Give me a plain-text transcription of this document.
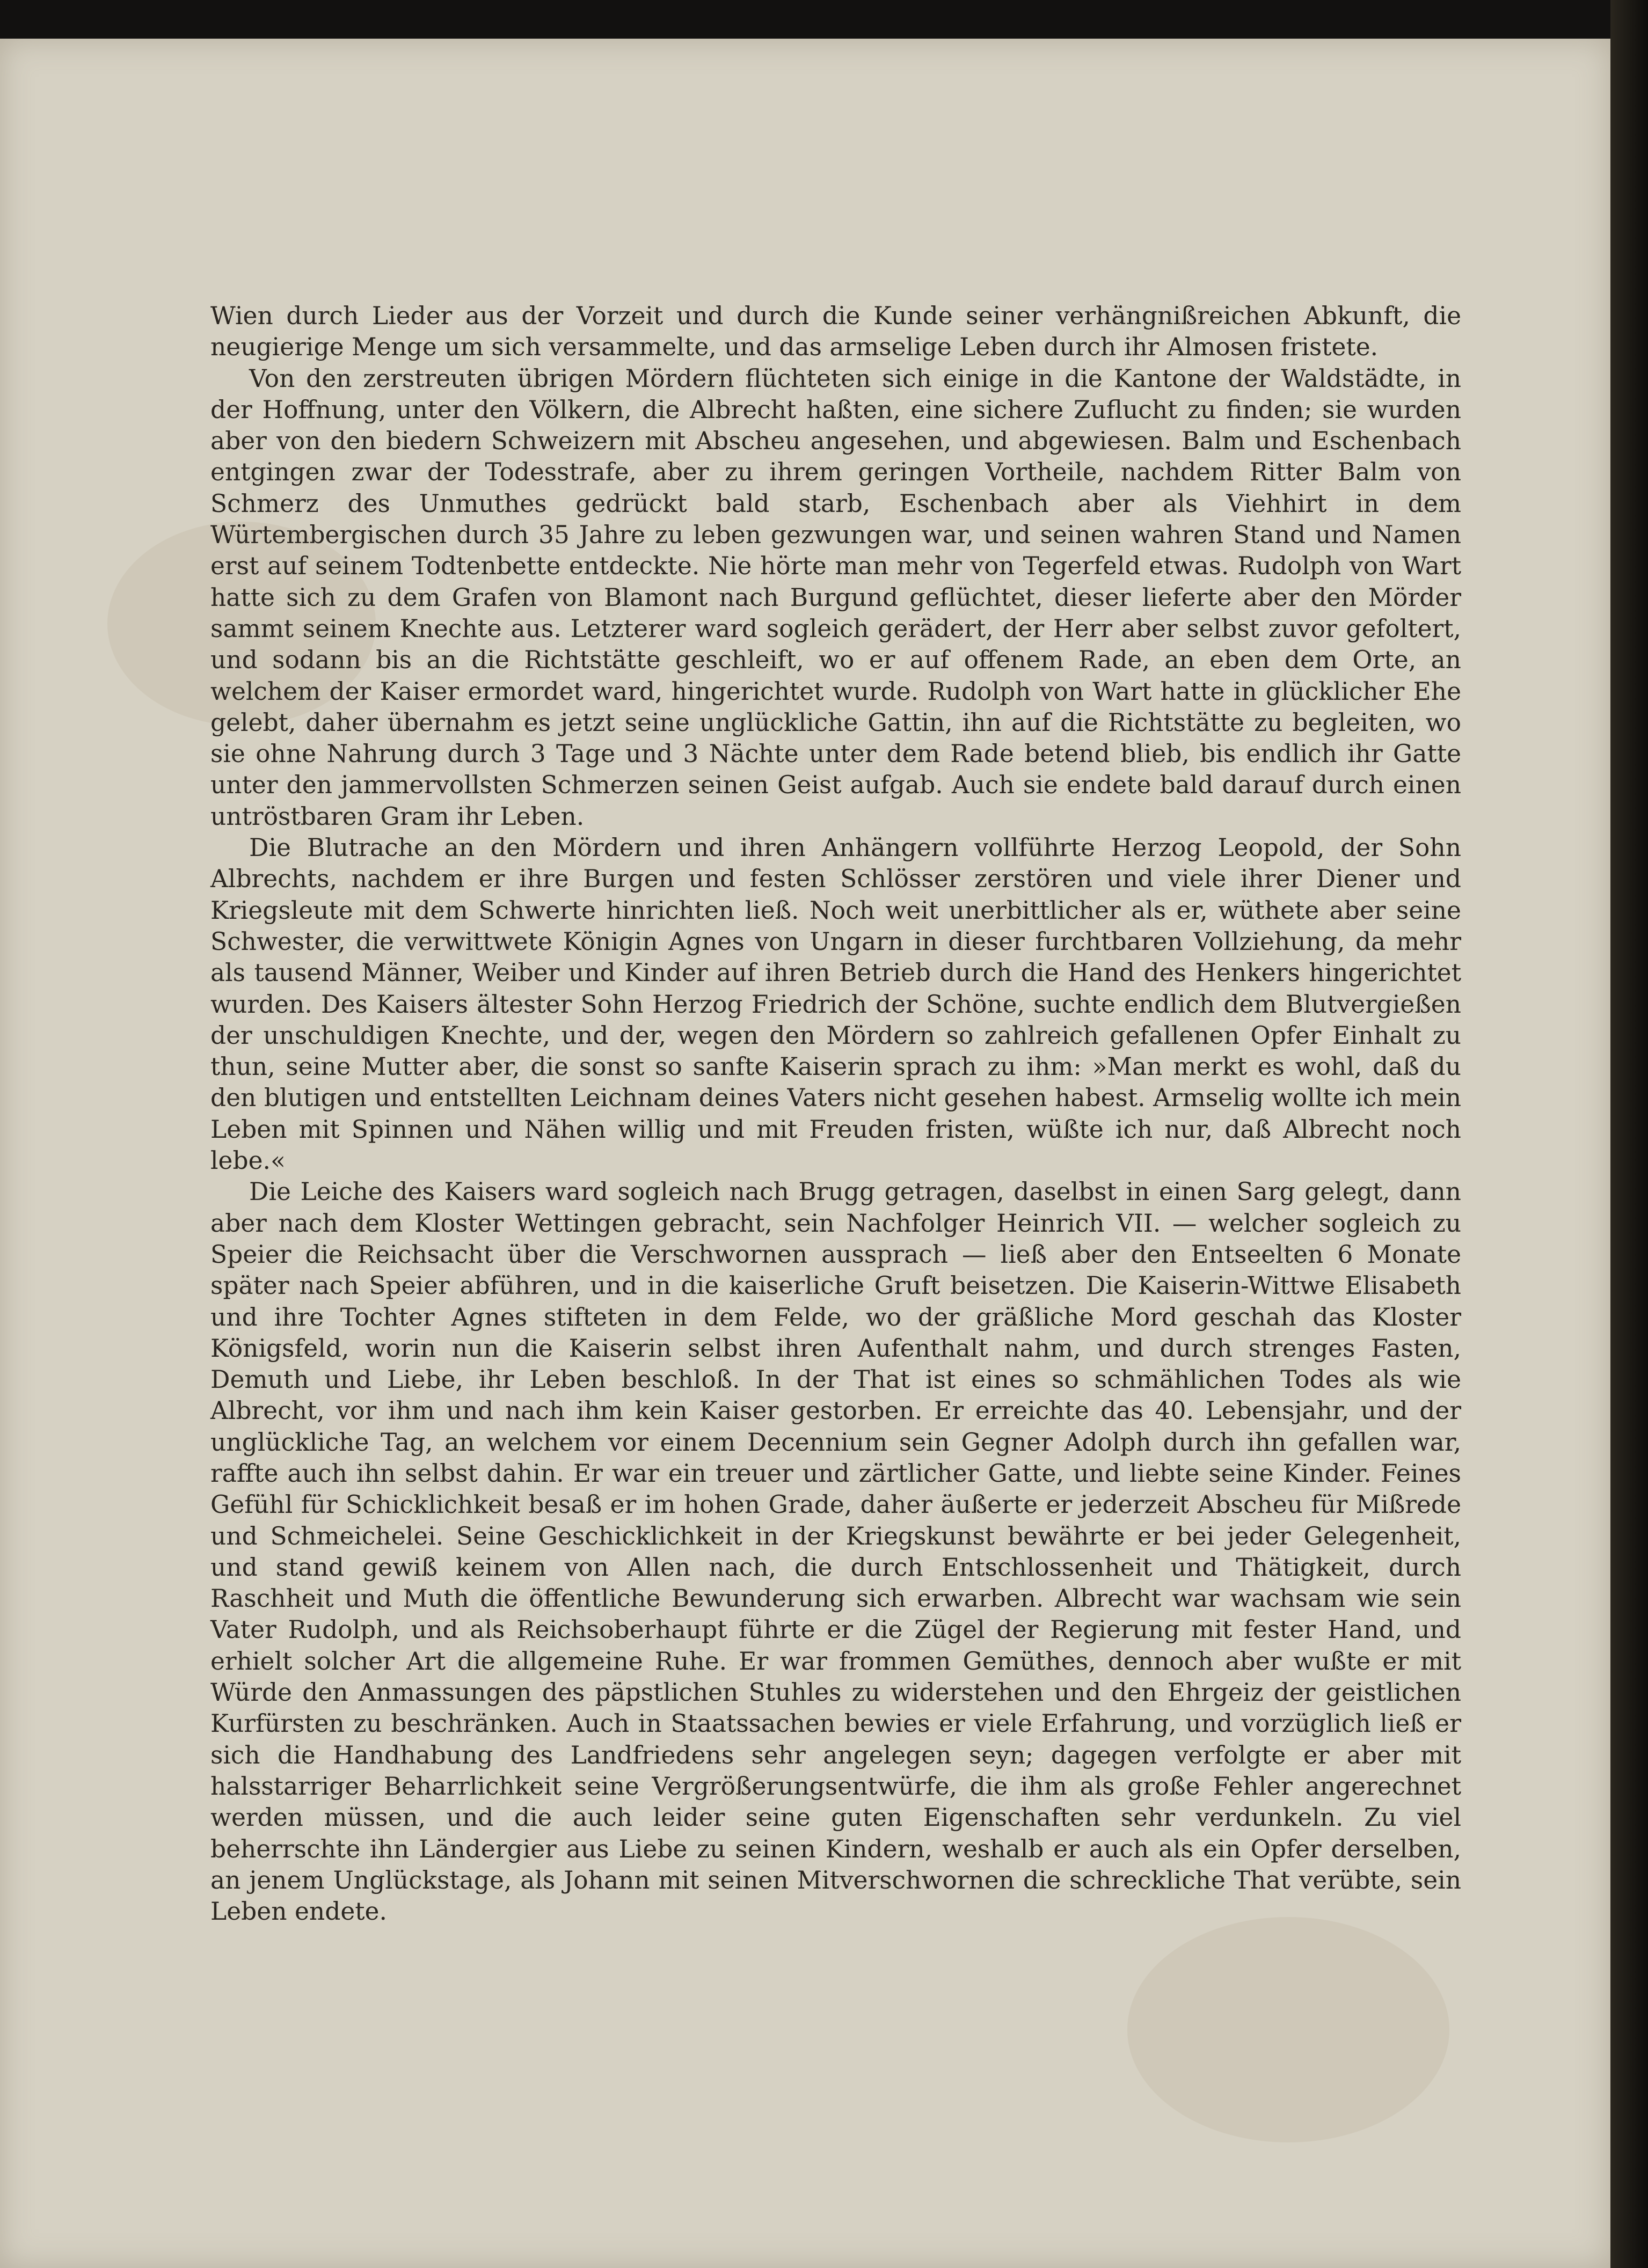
Wien durch Lieder aus der Vorzeit und durch die Kunde seiner verhängnißreichen Abkunft, die neugierige Menge um sich versammelte, und das armselige Leben durch ihr Almosen fristete.

Von den zerstreuten übrigen Mördern flüchteten sich einige in die Kantone der Waldstädte, in der Hoffnung, unter den Völkern, die Albrecht haßten, eine sichere Zuflucht zu finden; sie wurden aber von den biedern Schweizern mit Abscheu angesehen, und abgewiesen. Balm und Eschenbach entgingen zwar der Todesstrafe, aber zu ihrem geringen Vortheile, nachdem Ritter Balm von Schmerz des Unmuthes gedrückt bald starb, Eschenbach aber als Viehhirt in dem Würtembergischen durch 35 Jahre zu leben gezwungen war, und seinen wahren Stand und Namen erst auf seinem Todtenbette entdeckte. Nie hörte man mehr von Tegerfeld etwas. Rudolph von Wart hatte sich zu dem Grafen von Blamont nach Burgund geflüchtet, dieser lieferte aber den Mörder sammt seinem Knechte aus. Letzterer ward sogleich gerädert, der Herr aber selbst zuvor gefoltert, und sodann bis an die Richtstätte geschleift, wo er auf offenem Rade, an eben dem Orte, an welchem der Kaiser ermordet ward, hingerichtet wurde. Rudolph von Wart hatte in glücklicher Ehe gelebt, daher übernahm es jetzt seine unglückliche Gattin, ihn auf die Richtstätte zu begleiten, wo sie ohne Nahrung durch 3 Tage und 3 Nächte unter dem Rade betend blieb, bis endlich ihr Gatte unter den jammervollsten Schmerzen seinen Geist aufgab. Auch sie endete bald darauf durch einen untröstbaren Gram ihr Leben.

Die Blutrache an den Mördern und ihren Anhängern vollführte Herzog Leopold, der Sohn Albrechts, nachdem er ihre Burgen und festen Schlösser zerstören und viele ihrer Diener und Kriegsleute mit dem Schwerte hinrichten ließ. Noch weit unerbittlicher als er, wüthete aber seine Schwester, die verwittwete Königin Agnes von Ungarn in dieser furchtbaren Vollziehung, da mehr als tausend Männer, Weiber und Kinder auf ihren Betrieb durch die Hand des Henkers hingerichtet wurden. Des Kaisers ältester Sohn Herzog Friedrich der Schöne, suchte endlich dem Blutvergießen der unschuldigen Knechte, und der, wegen den Mördern so zahlreich gefallenen Opfer Einhalt zu thun, seine Mutter aber, die sonst so sanfte Kaiserin sprach zu ihm: »Man merkt es wohl, daß du den blutigen und entstellten Leichnam deines Vaters nicht gesehen habest. Armselig wollte ich mein Leben mit Spinnen und Nähen willig und mit Freuden fristen, wüßte ich nur, daß Albrecht noch lebe.«

Die Leiche des Kaisers ward sogleich nach Brugg getragen, daselbst in einen Sarg gelegt, dann aber nach dem Kloster Wettingen gebracht, sein Nachfolger Heinrich VII. — welcher sogleich zu Speier die Reichsacht über die Verschwornen aussprach — ließ aber den Entseelten 6 Monate später nach Speier abführen, und in die kaiserliche Gruft beisetzen. Die Kaiserin-Wittwe Elisabeth und ihre Tochter Agnes stifteten in dem Felde, wo der gräßliche Mord geschah das Kloster Königsfeld, worin nun die Kaiserin selbst ihren Aufenthalt nahm, und durch strenges Fasten, Demuth und Liebe, ihr Leben beschloß. In der That ist eines so schmählichen Todes als wie Albrecht, vor ihm und nach ihm kein Kaiser gestorben. Er erreichte das 40. Lebensjahr, und der unglückliche Tag, an welchem vor einem Decennium sein Gegner Adolph durch ihn gefallen war, raffte auch ihn selbst dahin. Er war ein treuer und zärtlicher Gatte, und liebte seine Kinder. Feines Gefühl für Schicklichkeit besaß er im hohen Grade, daher äußerte er jederzeit Abscheu für Mißrede und Schmeichelei. Seine Geschicklichkeit in der Kriegskunst bewährte er bei jeder Gelegenheit, und stand gewiß keinem von Allen nach, die durch Entschlossenheit und Thätigkeit, durch Raschheit und Muth die öffentliche Bewunderung sich erwarben. Albrecht war wachsam wie sein Vater Rudolph, und als Reichsoberhaupt führte er die Zügel der Regierung mit fester Hand, und erhielt solcher Art die allgemeine Ruhe. Er war frommen Gemüthes, dennoch aber wußte er mit Würde den Anmassungen des päpstlichen Stuhles zu widerstehen und den Ehrgeiz der geistlichen Kurfürsten zu beschränken. Auch in Staatssachen bewies er viele Erfahrung, und vorzüglich ließ er sich die Handhabung des Landfriedens sehr angelegen seyn; dagegen verfolgte er aber mit halsstarriger Beharrlichkeit seine Vergrößerungsentwürfe, die ihm als große Fehler angerechnet werden müssen, und die auch leider seine guten Eigenschaften sehr verdunkeln. Zu viel beherrschte ihn Ländergier aus Liebe zu seinen Kindern, weshalb er auch als ein Opfer derselben, an jenem Unglückstage, als Johann mit seinen Mitverschwornen die schreckliche That verübte, sein Leben endete.
